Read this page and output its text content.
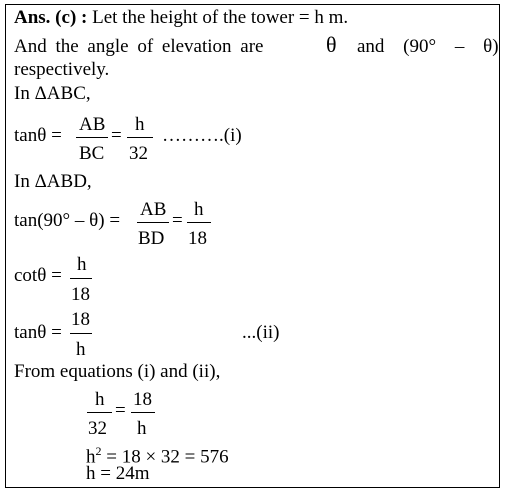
Ans. (c) : Let the height of the tower = h m.
And the angle of elevation are	θ and (90° – θ)
respectively.
In ΔABC,
tanθ =
AB
BC
=
h
32
……….(i)
In ΔABD,
tan(90° – θ) =
AB
BD
=
h
18
cotθ =
h
18
tanθ =
18
h
...(ii)
From equations (i) and (ii),
h
32
=
18
h
$h^2 = 18 \times 32 = 576$
h = 24m
